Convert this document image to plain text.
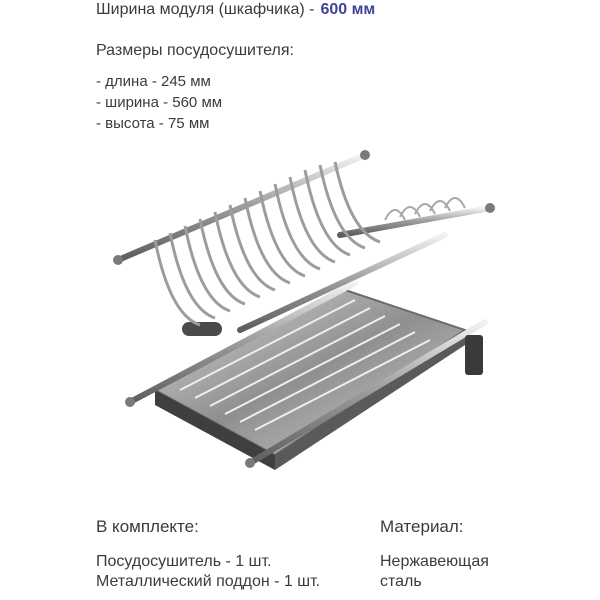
Ширина модуля (шкафчика) - 600 мм
Размеры посудосушителя:
- длина - 245 мм
- ширина - 560 мм
- высота - 75 мм
В комплекте:
Посудосушитель - 1 шт.
Металлический поддон - 1 шт.
Материал:
Нержавеющая
сталь
